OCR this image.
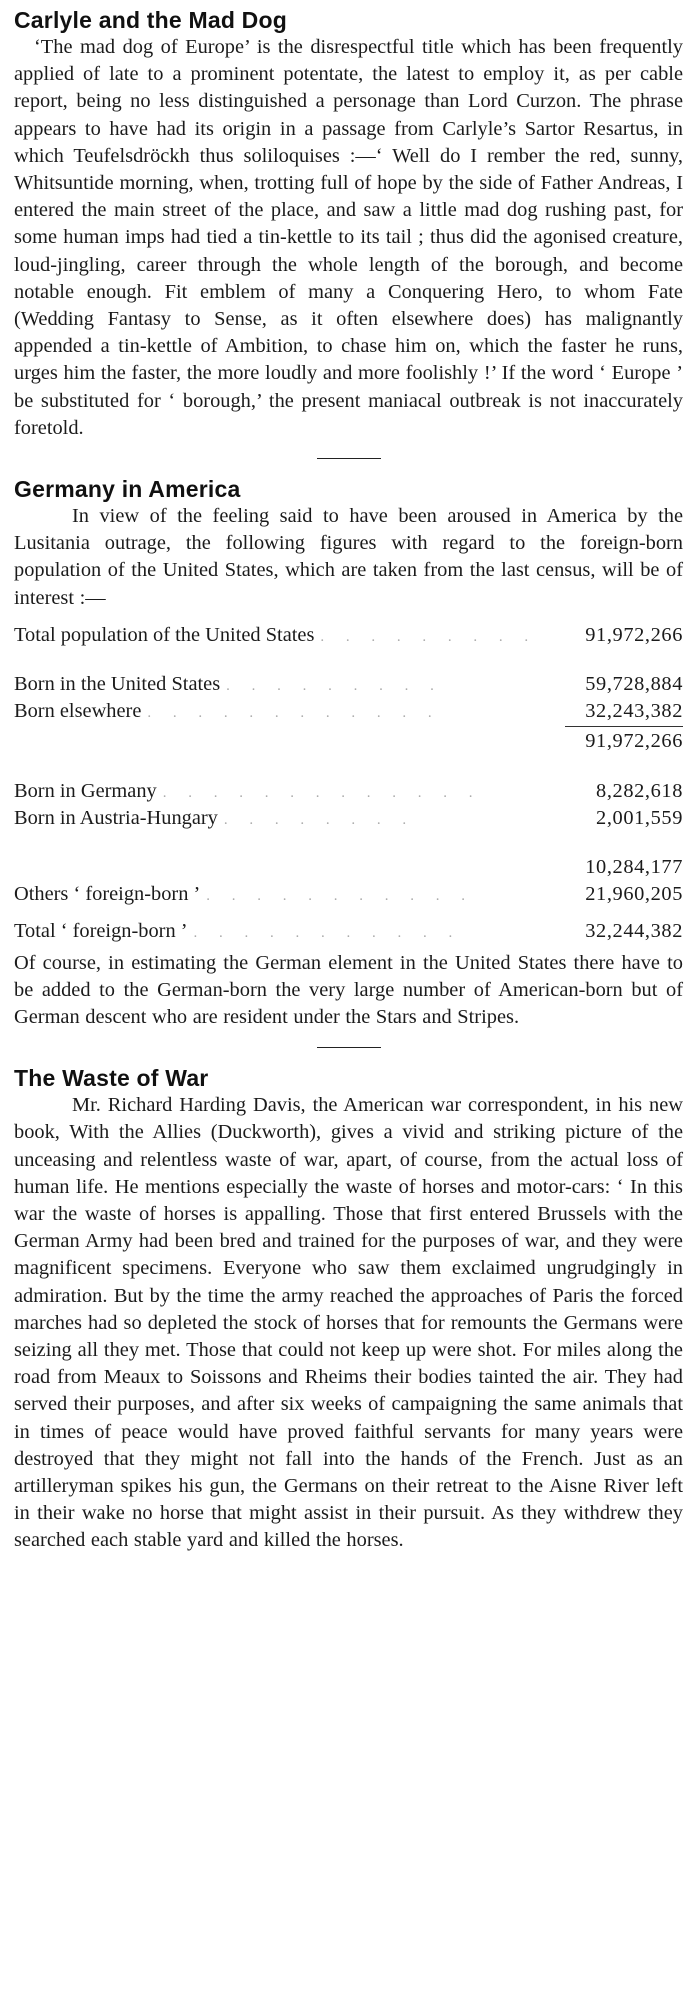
Carlyle and the Mad Dog

‘The mad dog of Europe’ is the disrespectful title which has been frequently applied of late to a prominent potentate, the latest to employ it, as per cable report, being no less distinguished a personage than Lord Curzon. The phrase appears to have had its origin in a passage from Carlyle’s Sartor Resartus, in which Teufelsdröckh thus soliloquises :—‘ Well do I rember the red, sunny, Whitsuntide morning, when, trotting full of hope by the side of Father Andreas, I entered the main street of the place, and saw a little mad dog rushing past, for some human imps had tied a tin-kettle to its tail ; thus did the agonised creature, loud-jingling, career through the whole length of the borough, and become notable enough. Fit emblem of many a Conquering Hero, to whom Fate (Wedding Fantasy to Sense, as it often elsewhere does) has malignantly appended a tin-kettle of Ambition, to chase him on, which the faster he runs, urges him the faster, the more loudly and more foolishly !’ If the word ‘ Europe ’ be substituted for ‘ borough,’ the present maniacal outbreak is not inaccurately foretold.

Germany in America

In view of the feeling said to have been aroused in America by the Lusitania outrage, the following figures with regard to the foreign-born population of the United States, which are taken from the last census, will be of interest :—

Total population of the United States . . . . . . . . .	91,972,266
Born in the United States . . . . . . . . .	59,728,884
Born elsewhere . . . . . . . . . . . .	32,243,382
91,972,266
Born in Germany . . . . . . . . . . . . .	8,282,618
Born in Austria-Hungary . . . . . . . .	2,001,559
10,284,177
Others ‘ foreign-born ’ . . . . . . . . . . .	21,960,205
Total ‘ foreign-born ’ . . . . . . . . . . .	32,244,382

Of course, in estimating the German element in the United States there have to be added to the German-born the very large number of American-born but of German descent who are resident under the Stars and Stripes.

The Waste of War

Mr. Richard Harding Davis, the American war correspondent, in his new book, With the Allies (Duckworth), gives a vivid and striking picture of the unceasing and relentless waste of war, apart, of course, from the actual loss of human life. He mentions especially the waste of horses and motor-cars: ‘ In this war the waste of horses is appalling. Those that first entered Brussels with the German Army had been bred and trained for the purposes of war, and they were magnificent specimens. Everyone who saw them exclaimed ungrudgingly in admiration. But by the time the army reached the approaches of Paris the forced marches had so depleted the stock of horses that for remounts the Germans were seizing all they met. Those that could not keep up were shot. For miles along the road from Meaux to Soissons and Rheims their bodies tainted the air. They had served their purposes, and after six weeks of campaigning the same animals that in times of peace would have proved faithful servants for many years were destroyed that they might not fall into the hands of the French. Just as an artilleryman spikes his gun, the Germans on their retreat to the Aisne River left in their wake no horse that might assist in their pursuit. As they withdrew they searched each stable yard and killed the horses.
